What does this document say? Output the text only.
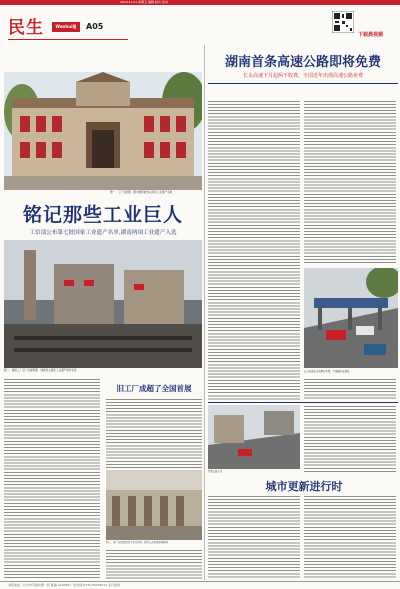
2019.11.01 星期五 编辑 版式 校对
民生	Wenhui报	A05
下载晨视频
湖南首条高速公路即将免费
长永高速下月起两不收费，全国近年出现高速公路免费
图一：工厂旧址图，图中建筑被列入国家工业遗产名单
铭记那些工业巨人
工信部公布第七批国家工业遗产名单,湖南两项工业遗产入选
图二：湖南工厂旧厂房建筑群，现被列入国家工业遗产保护名录
旧工厂成超了全国首展
图三：老厂房改造后的工业文化园，现为公众开放参观场所
长永高速长沙段即将免费，车辆通行收费站
免费公路示意
城市更新进行时
本报地址：长沙市芙蓉中路一段 邮编 410005 广告热线 0731-84326111 发行热线
